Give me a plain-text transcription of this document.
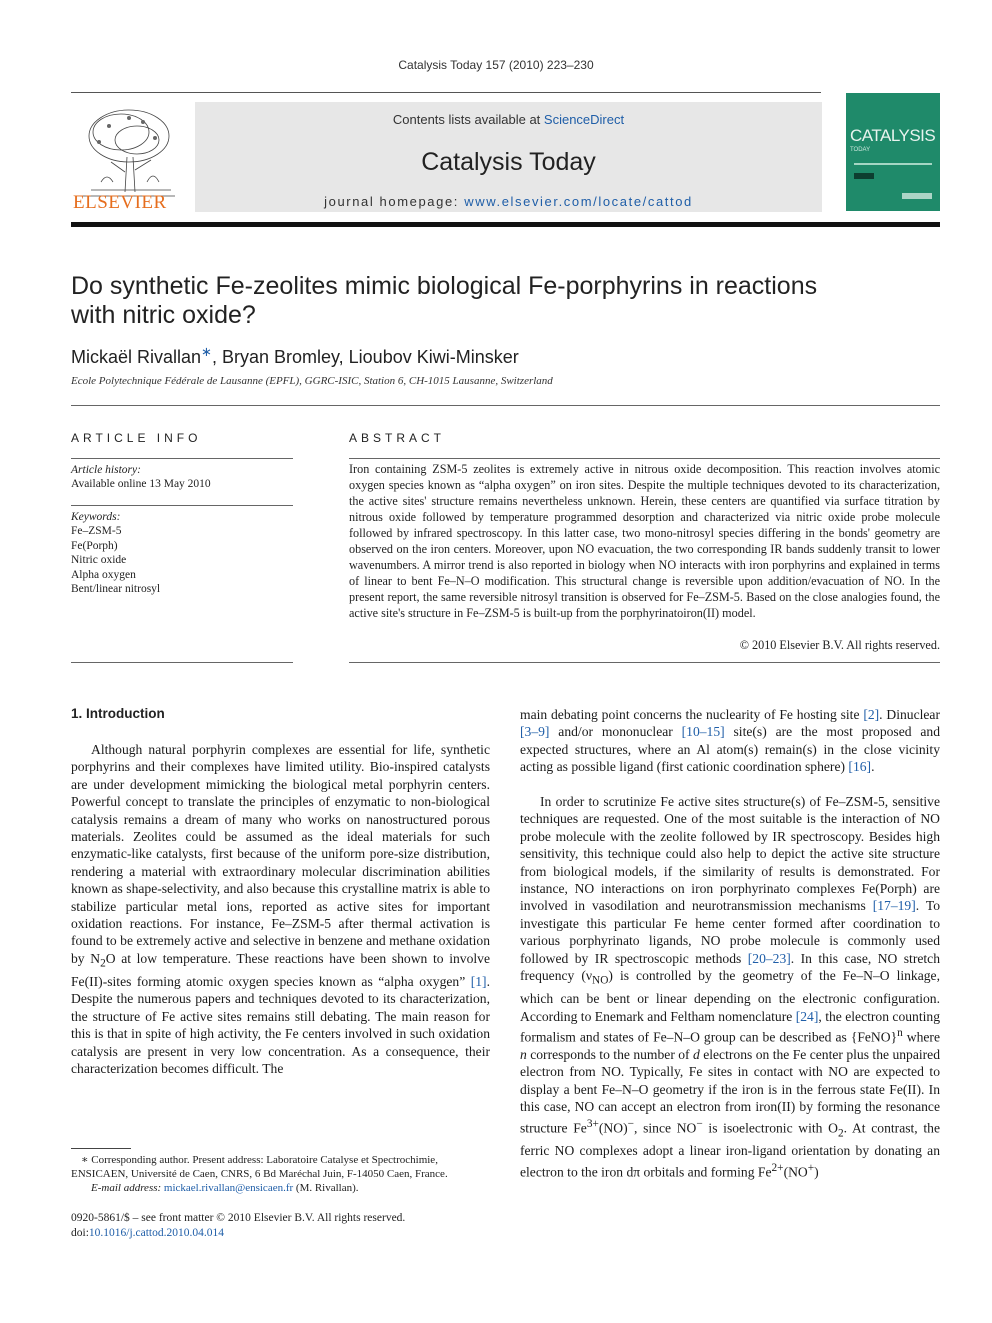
Catalysis Today 157 (2010) 223–230
ELSEVIER
Contents lists available at ScienceDirect
Catalysis Today
journal homepage: www.elsevier.com/locate/cattod
CATALYSIS
TODAY
Do synthetic Fe-zeolites mimic biological Fe-porphyrins in reactions with nitric oxide?
Mickaël Rivallan∗, Bryan Bromley, Lioubov Kiwi-Minsker
Ecole Polytechnique Fédérale de Lausanne (EPFL), GGRC-ISIC, Station 6, CH-1015 Lausanne, Switzerland
ARTICLE INFO
Article history:
Available online 13 May 2010
Keywords:
Fe–ZSM-5
Fe(Porph)
Nitric oxide
Alpha oxygen
Bent/linear nitrosyl
ABSTRACT

Iron containing ZSM-5 zeolites is extremely active in nitrous oxide decomposition. This reaction involves atomic oxygen species known as “alpha oxygen” on iron sites. Despite the multiple techniques devoted to its characterization, the active sites' structure remains nevertheless unknown. Herein, these centers are quantified via surface titration by nitrous oxide followed by temperature programmed desorption and characterized via nitric oxide probe molecule followed by infrared spectroscopy. In this latter case, two mono-nitrosyl species differing in the bonds' geometry are observed on the iron centers. Moreover, upon NO evacuation, the two corresponding IR bands suddenly transit to lower wavenumbers. A mirror trend is also reported in biology when NO interacts with iron porphyrins and explained in terms of linear to bent Fe–N–O modification. This structural change is reversible upon addition/evacuation of NO. In the present report, the same reversible nitrosyl transition is observed for Fe–ZSM-5. Based on the close analogies found, the active site's structure in Fe–ZSM-5 is built-up from the porphyrinatoiron(II) model.

© 2010 Elsevier B.V. All rights reserved.
1. Introduction

Although natural porphyrin complexes are essential for life, synthetic porphyrins and their complexes have limited utility. Bio-inspired catalysts are under development mimicking the biological metal porphyrin centers. Powerful concept to translate the principles of enzymatic to non-biological catalysis remains a dream of many who works on nanostructured porous materials. Zeolites could be assumed as the ideal materials for such enzymatic-like catalysts, first because of the uniform pore-size distribution, rendering a material with extraordinary molecular discrimination abilities known as shape-selectivity, and also because this crystalline matrix is able to stabilize particular metal ions, reported as active sites for important oxidation reactions. For instance, Fe–ZSM-5 after thermal activation is found to be extremely active and selective in benzene and methane oxidation by $N_2O$ at low temperature. These reactions have been shown to involve Fe(II)-sites forming atomic oxygen species known as “alpha oxygen” [1]. Despite the numerous papers and techniques devoted to its characterization, the structure of Fe active sites remains still debating. The main reason for this is that in spite of high activity, the Fe centers involved in such oxidation catalysis are present in very low concentration. As a consequence, their characterization becomes difficult. The

main debating point concerns the nuclearity of Fe hosting site [2]. Dinuclear [3–9] and/or mononuclear [10–15] site(s) are the most proposed and expected structures, where an Al atom(s) remain(s) in the close vicinity acting as possible ligand (first cationic coordination sphere) [16].

In order to scrutinize Fe active sites structure(s) of Fe–ZSM-5, sensitive techniques are requested. One of the most suitable is the interaction of NO probe molecule with the zeolite followed by IR spectroscopy. Besides high sensitivity, this technique could also help to depict the active site structure from biological models, if the similarity of results is demonstrated. For instance, NO interactions on iron porphyrinato complexes Fe(Porph) are involved in vasodilation and neurotransmission mechanisms [17–19]. To investigate this particular Fe heme center formed after coordination to various porphyrinato ligands, NO probe molecule is commonly used followed by IR spectroscopic methods [20–23]. In this case, NO stretch frequency $(\nu_{NO})$ is controlled by the geometry of the Fe–N–O linkage, which can be bent or linear depending on the electronic configuration. According to Enemark and Feltham nomenclature [24], the electron counting formalism and states of Fe–N–O group can be described as {FeNO}$^n$ where n corresponds to the number of d electrons on the Fe center plus the unpaired electron from NO. Typically, Fe sites in contact with NO are expected to display a bent Fe–N–O geometry if the iron is in the ferrous state Fe(II). In this case, NO can accept an electron from iron(II) by forming the resonance structure $Fe^{3+}(NO)^-$, since NO− is isoelectronic with $O_2$. At contrast, the ferric NO complexes adopt a linear iron-ligand orientation by donating an electron to the iron dπ orbitals and forming $Fe^{2+}(NO^+)$

∗ Corresponding author. Present address: Laboratoire Catalyse et Spectrochimie, ENSICAEN, Université de Caen, CNRS, 6 Bd Maréchal Juin, F-14050 Caen, France.
E-mail address: mickael.rivallan@ensicaen.fr (M. Rivallan).
0920-5861/$ – see front matter © 2010 Elsevier B.V. All rights reserved.
doi:10.1016/j.cattod.2010.04.014
